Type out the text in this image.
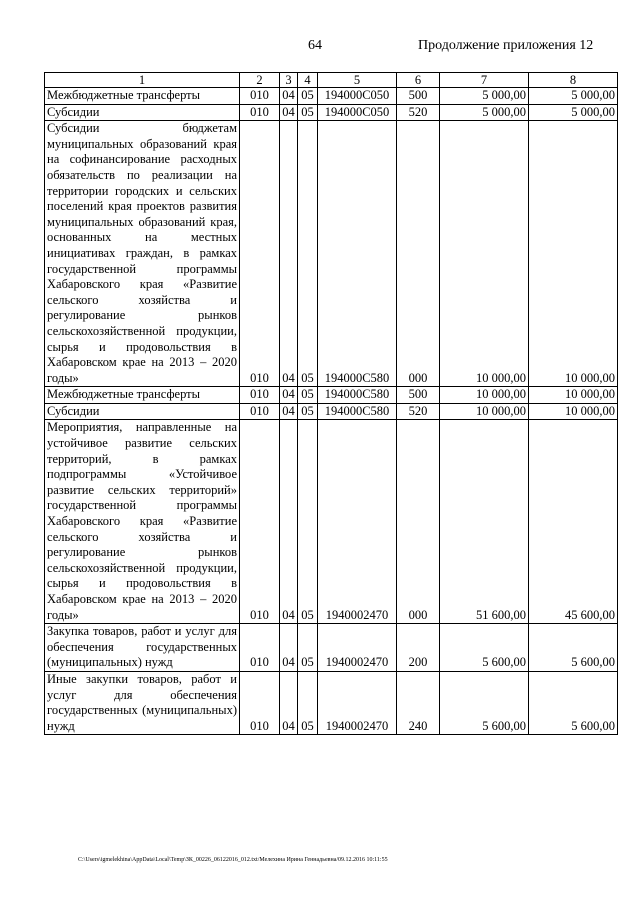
64	Продолжение приложения 12
1	2	3	4	5	6	7	8
Межбюджетные трансферты	010	04	05	194000С050	500	5 000,00	5 000,00
Субсидии	010	04	05	194000С050	520	5 000,00	5 000,00
Субсидии бюджетам муниципальных образований края на софинансирование расходных обязательств по реализации на территории городских и сельских поселений края проектов развития муниципальных образований края, основанных на местных инициативах граждан, в рамках государственной программы Хабаровского края «Развитие сельского хозяйства и регулирование рынков сельскохозяйственной продукции, сырья и продовольствия в Хабаровском крае на 2013 – 2020 годы»	010	04	05	194000С580	000	10 000,00	10 000,00
Межбюджетные трансферты	010	04	05	194000С580	500	10 000,00	10 000,00
Субсидии	010	04	05	194000С580	520	10 000,00	10 000,00
Мероприятия, направленные на устойчивое развитие сельских территорий, в рамках подпрограммы «Устойчивое развитие сельских территорий» государственной программы Хабаровского края «Развитие сельского хозяйства и регулирование рынков сельскохозяйственной продукции, сырья и продовольствия в Хабаровском крае на 2013 – 2020 годы»	010	04	05	1940002470	000	51 600,00	45 600,00
Закупка товаров, работ и услуг для обеспечения государственных (муниципальных) нужд	010	04	05	1940002470	200	5 600,00	5 600,00
Иные закупки товаров, работ и услуг для обеспечения государственных (муниципальных) нужд	010	04	05	1940002470	240	5 600,00	5 600,00
C:\Users\igmelekhina\AppData\Local\Temp\ЗК_00226_06122016_012.txt/Мелехина Ирина Геннадьевна/09.12.2016 10:11:55
